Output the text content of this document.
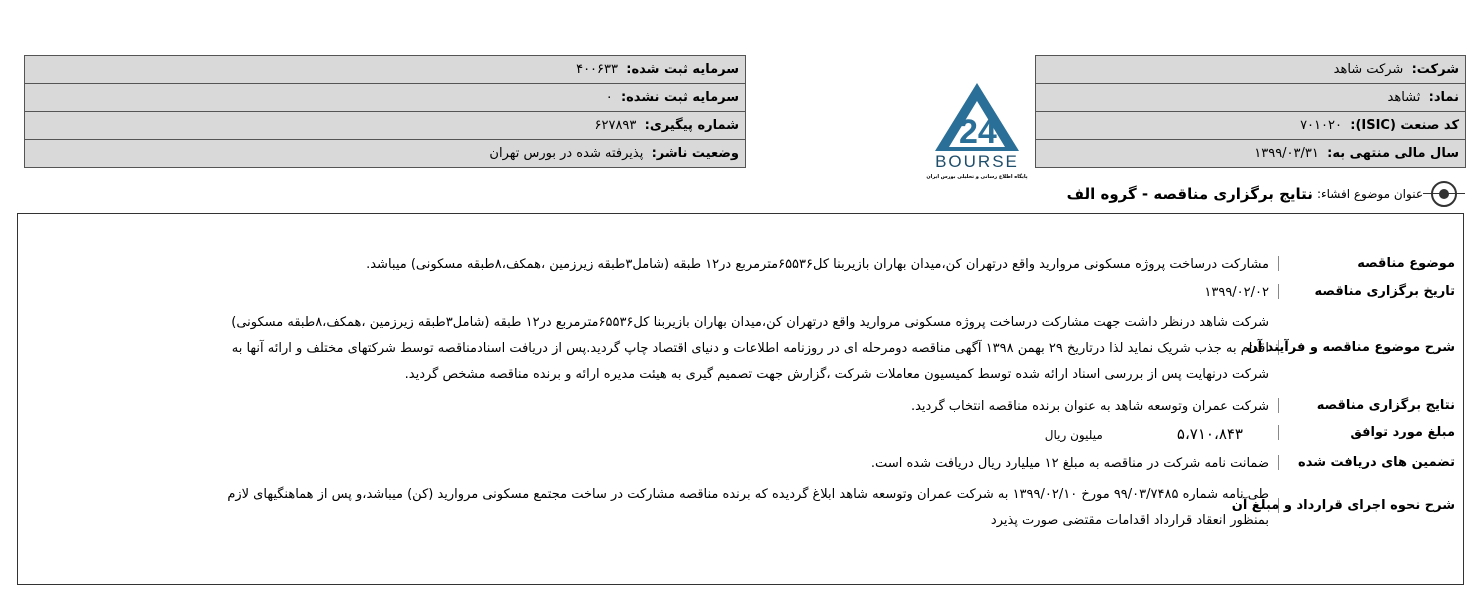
شرکت:  شرکت شاهد
نماد:  ثشاهد
کد صنعت (ISIC):  ۷۰۱۰۲۰
سال مالی منتهی به:  ۱۳۹۹/۰۳/۳۱
سرمایه ثبت شده:  ۴۰۰۶۳۳
سرمایه ثبت نشده:  ۰
شماره پیگیری:  ۶۲۷۸۹۳
وضعیت ناشر:  پذیرفته شده در بورس تهران
24
BOURSE
پایگاه اطلاع رسانی و تحلیلی بورس ایران
عنوان موضوع افشاء:
نتایج برگزاری مناقصه - گروه الف
موضوع مناقصه
مشارکت درساخت پروژه مسکونی مروارید واقع درتهران کن،میدان بهاران بازیربنا کل۶۵۵۳۶مترمربع در۱۲ طبقه (شامل۳طبقه زیرزمین ،همکف،۸طبقه مسکونی) میباشد.
تاریخ برگزاری مناقصه
۱۳۹۹/۰۲/۰۲
شرح موضوع مناقصه و فرآیند آن
شرکت شاهد درنظر داشت جهت مشارکت درساخت پروژه مسکونی مروارید واقع درتهران کن،میدان بهاران بازیربنا کل۶۵۵۳۶مترمربع در۱۲ طبقه (شامل۳طبقه زیرزمین ،همکف،۸طبقه مسکونی) اقدام به جذب شریک نماید لذا درتاریخ ۲۹ بهمن ۱۳۹۸ آگهی مناقصه دومرحله ای در روزنامه اطلاعات و دنیای اقتصاد چاپ گردید.پس از دریافت اسنادمناقصه توسط شرکتهای مختلف و ارائه آنها به شرکت درنهایت پس از بررسی اسناد ارائه شده توسط کمیسیون معاملات شرکت ،گزارش جهت تصمیم گیری به هیئت مدیره ارائه و برنده مناقصه مشخص گردید.
نتایج برگزاری مناقصه
شرکت عمران وتوسعه شاهد به عنوان برنده مناقصه انتخاب گردید.
مبلغ مورد توافق
۵،۷۱۰،۸۴۳ میلیون ریال
تضمین های دریافت شده
ضمانت نامه شرکت در مناقصه به مبلغ ۱۲ میلیارد ریال دریافت شده است.
شرح نحوه اجرای قرارداد و مبلغ آن
طی نامه شماره ۹۹/۰۳/۷۴۸۵ مورخ ۱۳۹۹/۰۲/۱۰ به شرکت عمران وتوسعه شاهد ابلاغ گردیده که برنده مناقصه مشارکت در ساخت مجتمع مسکونی مروارید (کن) میباشد،و پس از هماهنگیهای لازم بمنظور انعقاد قرارداد اقدامات مقتضی صورت پذیرد
